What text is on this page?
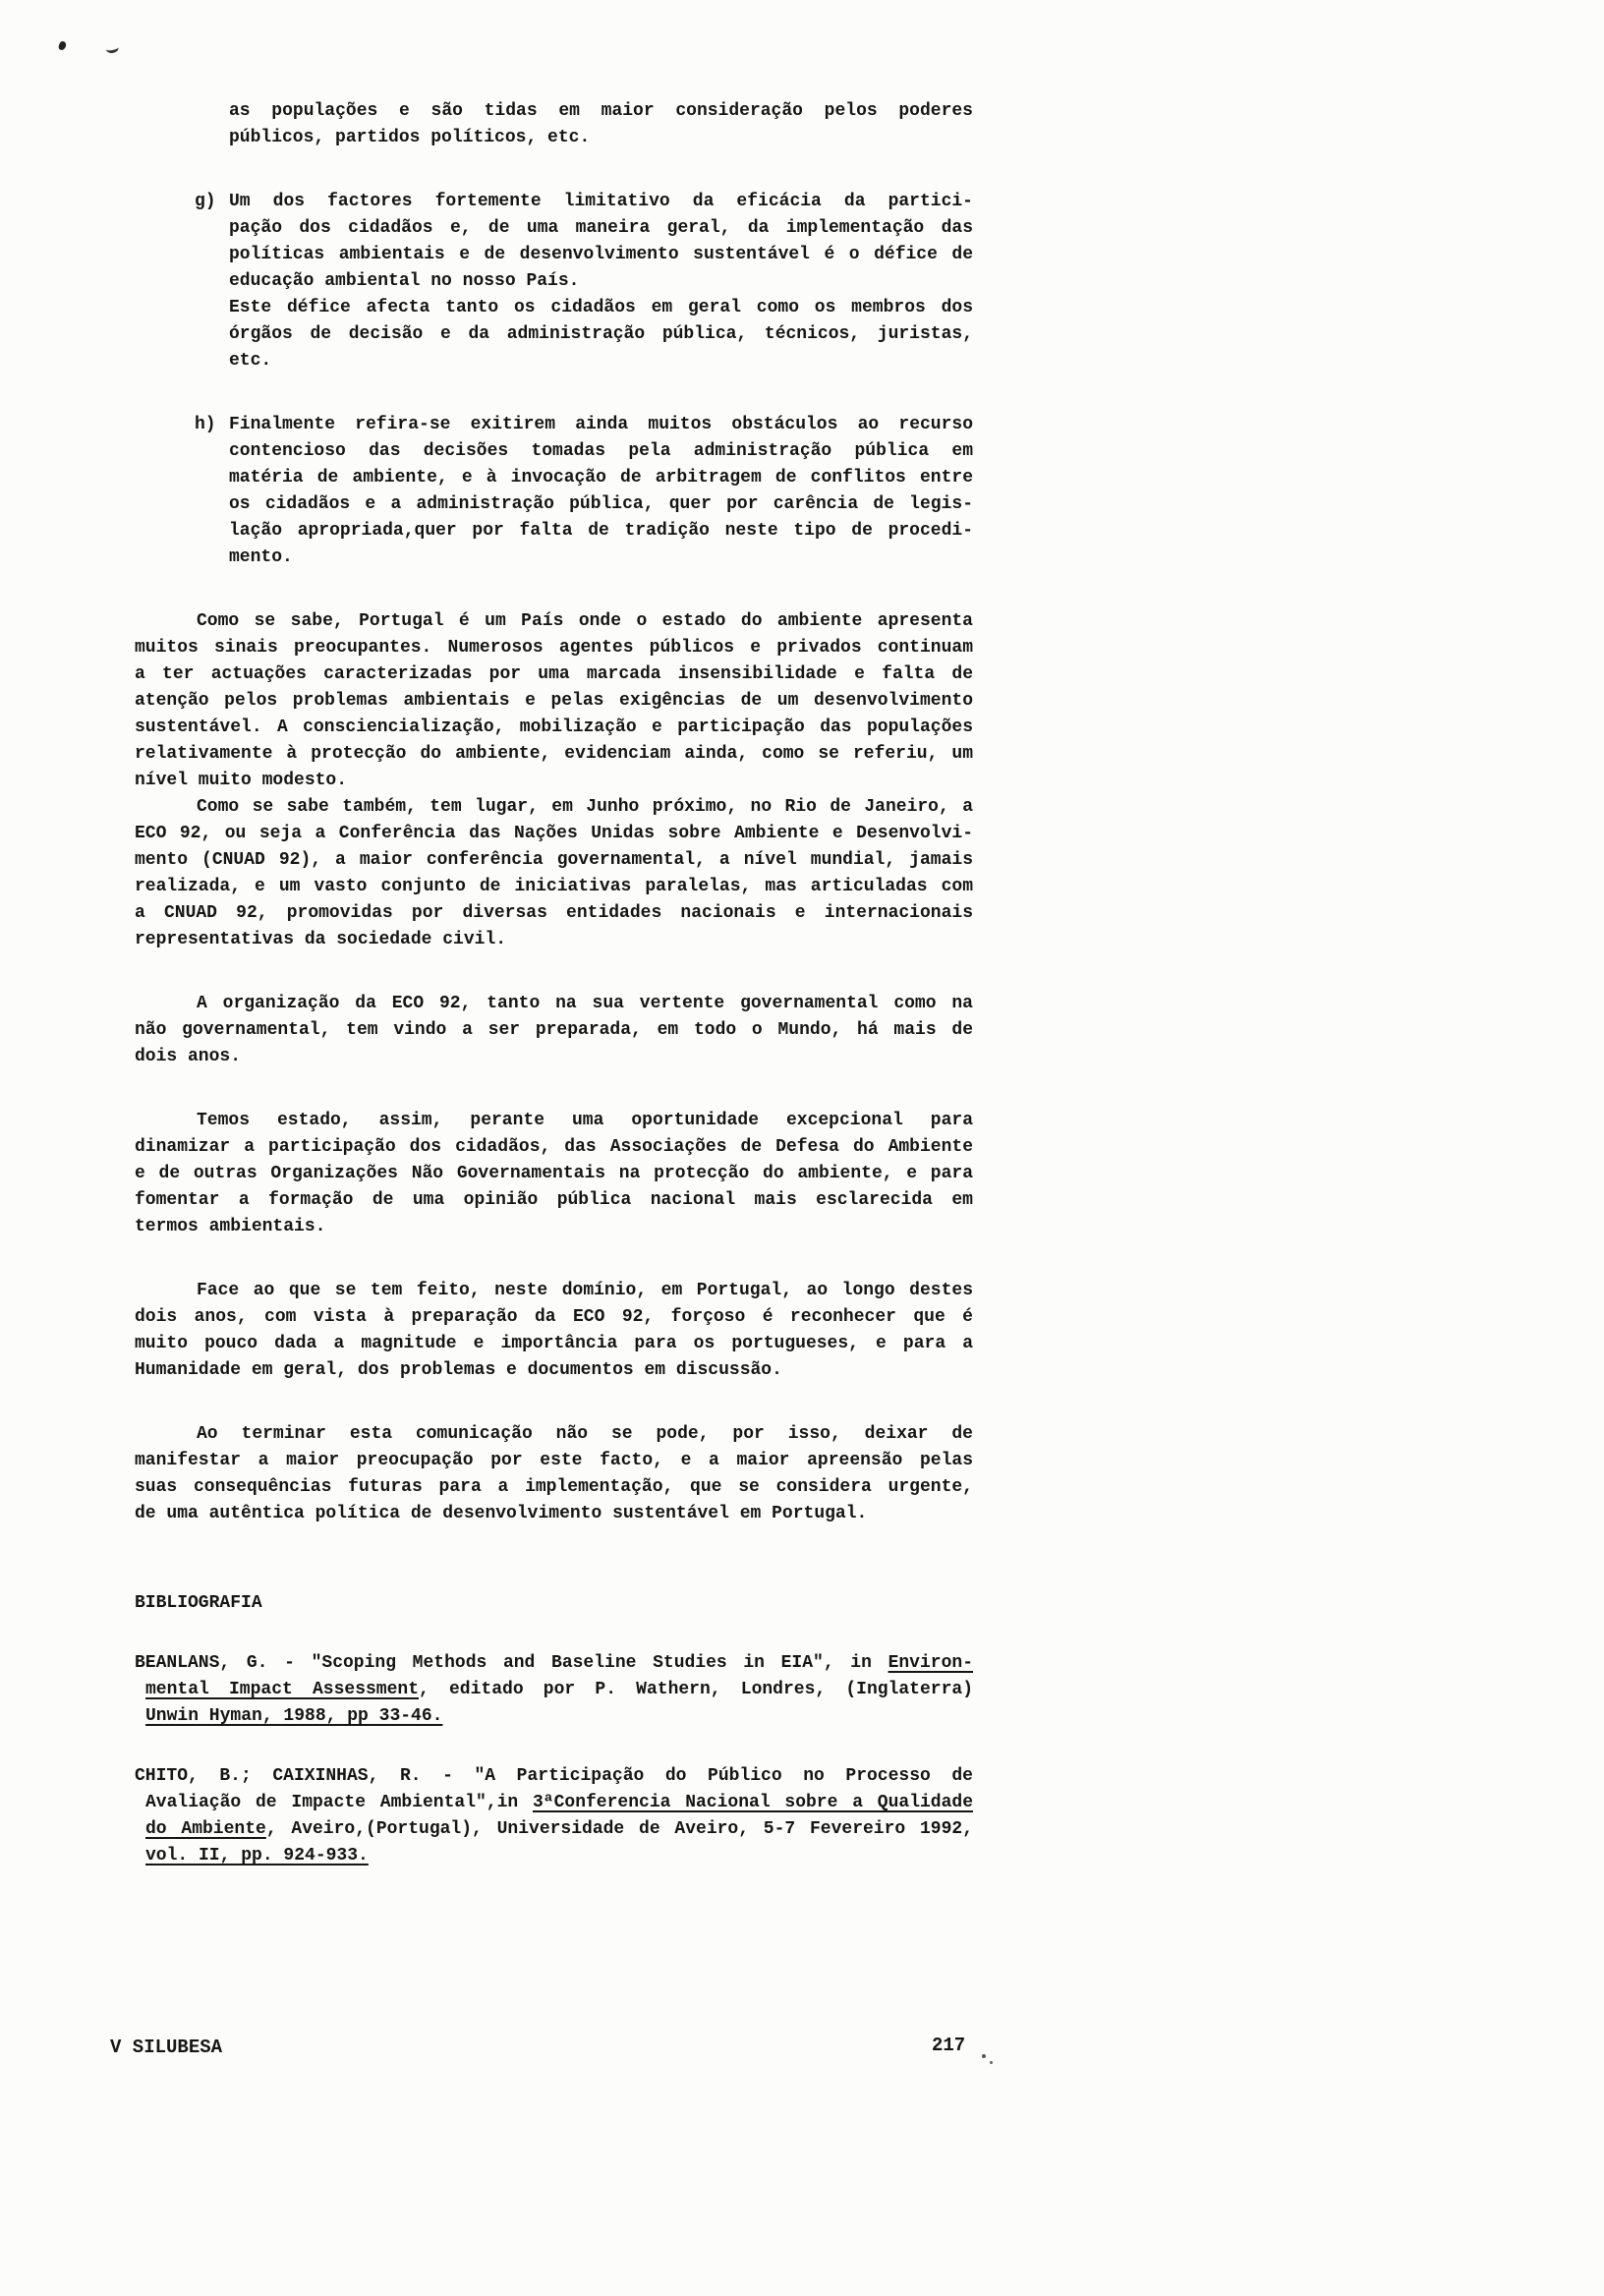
as populações e são tidas em maior consideração pelos poderes
públicos, partidos políticos, etc.
g) Um dos factores fortemente limitativo da eficácia da partici-
pação dos cidadãos e, de uma maneira geral, da implementação das
políticas ambientais e de desenvolvimento sustentável é o défice de
educação ambiental no nosso País.
Este défice afecta tanto os cidadãos em geral como os membros dos
órgãos de decisão e da administração pública, técnicos, juristas,
etc.
h) Finalmente refira-se exitirem ainda muitos obstáculos ao recurso
contencioso das decisões tomadas pela administração pública em
matéria de ambiente, e à invocação de arbitragem de conflitos entre
os cidadãos e a administração pública, quer por carência de legis-
lação apropriada,quer por falta de tradição neste tipo de procedi-
mento.
Como se sabe, Portugal é um País onde o estado do ambiente apresenta
muitos sinais preocupantes. Numerosos agentes públicos e privados continuam
a ter actuações caracterizadas por uma marcada insensibilidade e falta de
atenção pelos problemas ambientais e pelas exigências de um desenvolvimento
sustentável. A consciencialização, mobilização e participação das populações
relativamente à protecção do ambiente, evidenciam ainda, como se referiu, um
nível muito modesto.
Como se sabe também, tem lugar, em Junho próximo, no Rio de Janeiro, a
ECO 92, ou seja a Conferência das Nações Unidas sobre Ambiente e Desenvolvi-
mento (CNUAD 92), a maior conferência governamental, a nível mundial, jamais
realizada, e um vasto conjunto de iniciativas paralelas, mas articuladas com
a CNUAD 92, promovidas por diversas entidades nacionais e internacionais
representativas da sociedade civil.
A organização da ECO 92, tanto na sua vertente governamental como na
não governamental, tem vindo a ser preparada, em todo o Mundo, há mais de
dois anos.
Temos estado, assim, perante uma oportunidade excepcional para
dinamizar a participação dos cidadãos, das Associações de Defesa do Ambiente
e de outras Organizações Não Governamentais na protecção do ambiente, e para
fomentar a formação de uma opinião pública nacional mais esclarecida em
termos ambientais.
Face ao que se tem feito, neste domínio, em Portugal, ao longo destes
dois anos, com vista à preparação da ECO 92, forçoso é reconhecer que é
muito pouco dada a magnitude e importância para os portugueses, e para a
Humanidade em geral, dos problemas e documentos em discussão.
Ao terminar esta comunicação não se pode, por isso, deixar de
manifestar a maior preocupação por este facto, e a maior apreensão pelas
suas consequências futuras para a implementação, que se considera urgente,
de uma autêntica política de desenvolvimento sustentável em Portugal.
BIBLIOGRAFIA
BEANLANS, G. - "Scoping Methods and Baseline Studies in EIA", in Environ-
mental Impact Assessment, editado por P. Wathern, Londres, (Inglaterra)
Unwin Hyman, 1988, pp 33-46.
CHITO, B.; CAIXINHAS, R. - "A Participação do Público no Processo de
Avaliação de Impacte Ambiental",in 3ªConferencia Nacional sobre a Qualidade
do Ambiente, Aveiro,(Portugal), Universidade de Aveiro, 5-7 Fevereiro 1992,
vol. II, pp. 924-933.
V SILUBESA	217
